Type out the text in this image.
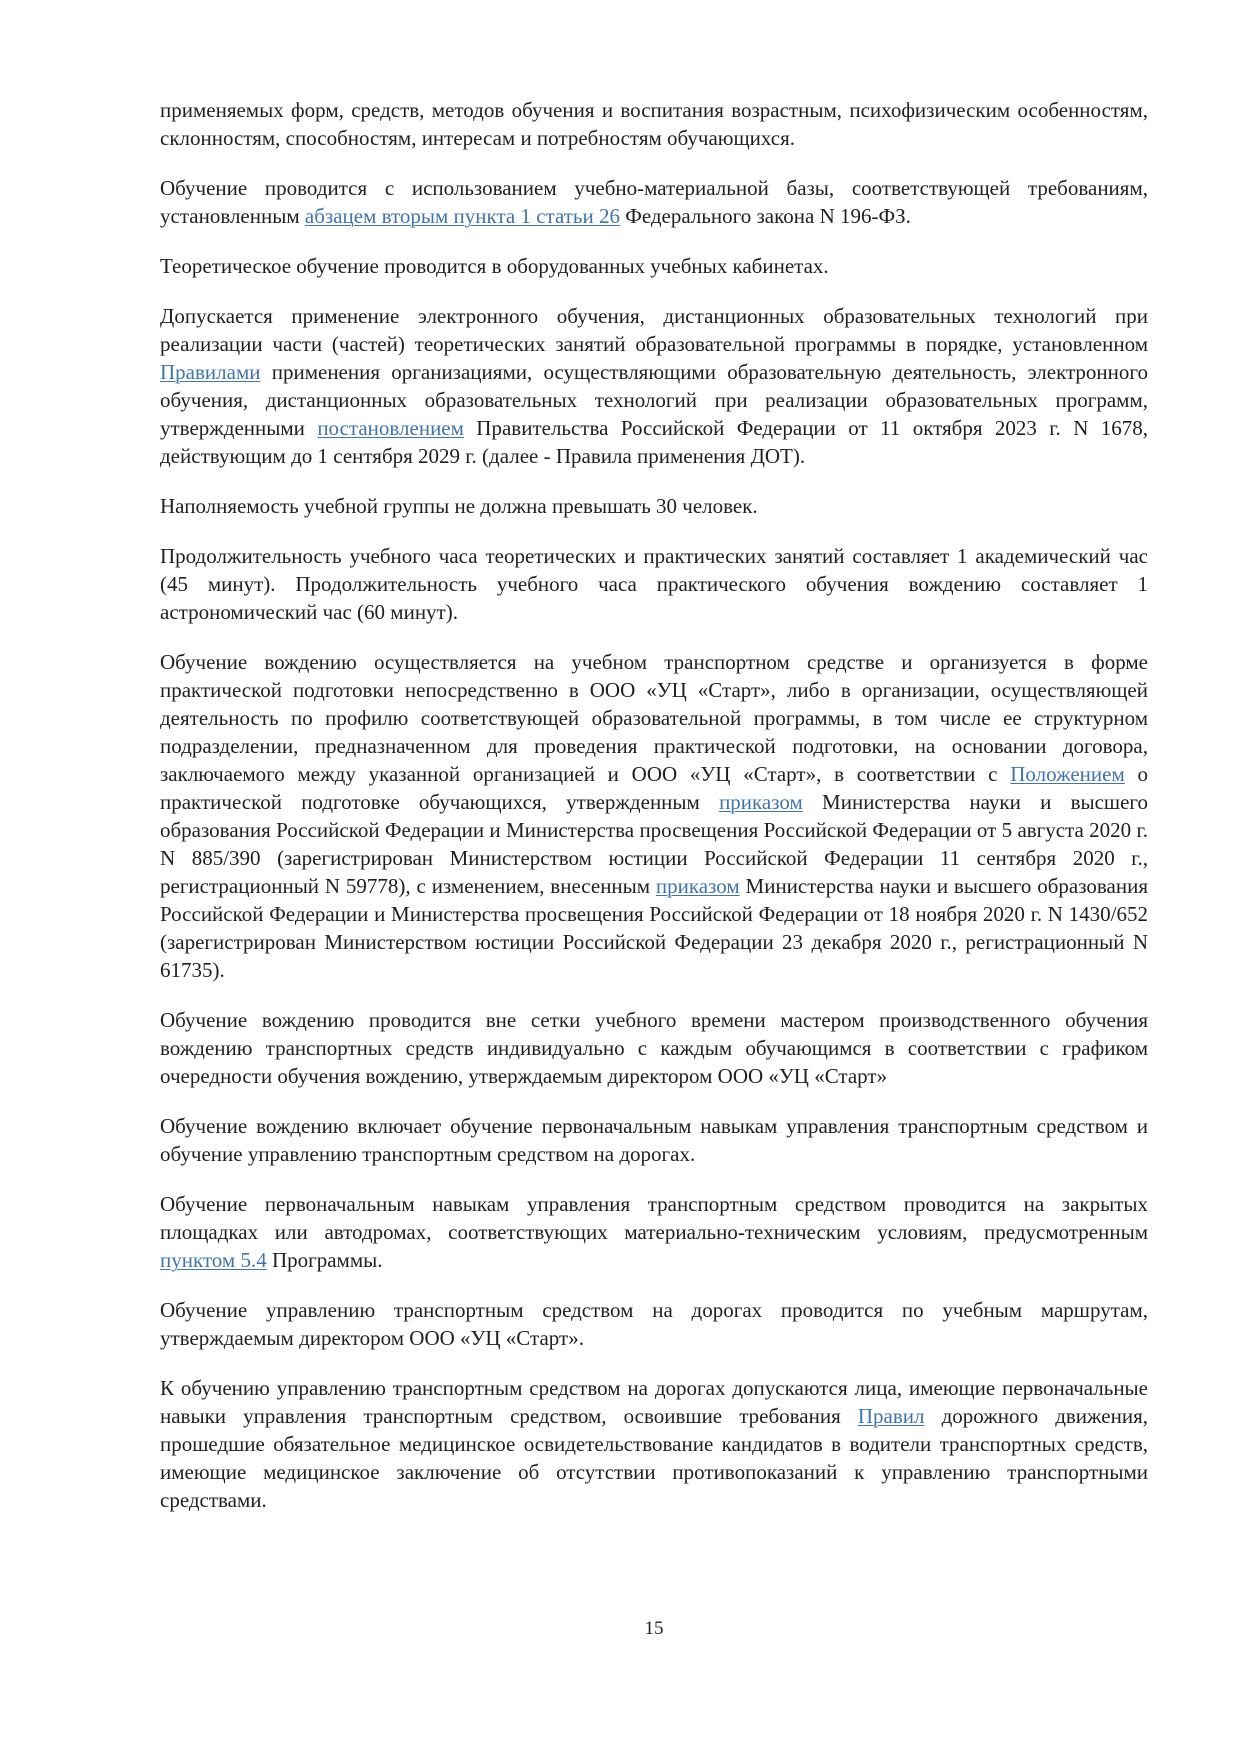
применяемых форм, средств, методов обучения и воспитания возрастным, психофизическим особенностям, склонностям, способностям, интересам и потребностям обучающихся.

Обучение проводится с использованием учебно-материальной базы, соответствующей требованиям, установленным абзацем вторым пункта 1 статьи 26 Федерального закона N 196-ФЗ.

Теоретическое обучение проводится в оборудованных учебных кабинетах.

Допускается применение электронного обучения, дистанционных образовательных технологий при реализации части (частей) теоретических занятий образовательной программы в порядке, установленном Правилами применения организациями, осуществляющими образовательную деятельность, электронного обучения, дистанционных образовательных технологий при реализации образовательных программ, утвержденными постановлением Правительства Российской Федерации от 11 октября 2023 г. N 1678, действующим до 1 сентября 2029 г. (далее - Правила применения ДОТ).

Наполняемость учебной группы не должна превышать 30 человек.

Продолжительность учебного часа теоретических и практических занятий составляет 1 академический час (45 минут). Продолжительность учебного часа практического обучения вождению составляет 1 астрономический час (60 минут).

Обучение вождению осуществляется на учебном транспортном средстве и организуется в форме практической подготовки непосредственно в ООО «УЦ «Старт», либо в организации, осуществляющей деятельность по профилю соответствующей образовательной программы, в том числе ее структурном подразделении, предназначенном для проведения практической подготовки, на основании договора, заключаемого между указанной организацией и ООО «УЦ «Старт», в соответствии с Положением о практической подготовке обучающихся, утвержденным приказом Министерства науки и высшего образования Российской Федерации и Министерства просвещения Российской Федерации от 5 августа 2020 г. N 885/390 (зарегистрирован Министерством юстиции Российской Федерации 11 сентября 2020 г., регистрационный N 59778), с изменением, внесенным приказом Министерства науки и высшего образования Российской Федерации и Министерства просвещения Российской Федерации от 18 ноября 2020 г. N 1430/652 (зарегистрирован Министерством юстиции Российской Федерации 23 декабря 2020 г., регистрационный N 61735).

Обучение вождению проводится вне сетки учебного времени мастером производственного обучения вождению транспортных средств индивидуально с каждым обучающимся в соответствии с графиком очередности обучения вождению, утверждаемым директором ООО «УЦ «Старт»

Обучение вождению включает обучение первоначальным навыкам управления транспортным средством и обучение управлению транспортным средством на дорогах.

Обучение первоначальным навыкам управления транспортным средством проводится на закрытых площадках или автодромах, соответствующих материально-техническим условиям, предусмотренным пунктом 5.4 Программы.

Обучение управлению транспортным средством на дорогах проводится по учебным маршрутам, утверждаемым директором ООО «УЦ «Старт».

К обучению управлению транспортным средством на дорогах допускаются лица, имеющие первоначальные навыки управления транспортным средством, освоившие требования Правил дорожного движения, прошедшие обязательное медицинское освидетельствование кандидатов в водители транспортных средств, имеющие медицинское заключение об отсутствии противопоказаний к управлению транспортными средствами.

15
